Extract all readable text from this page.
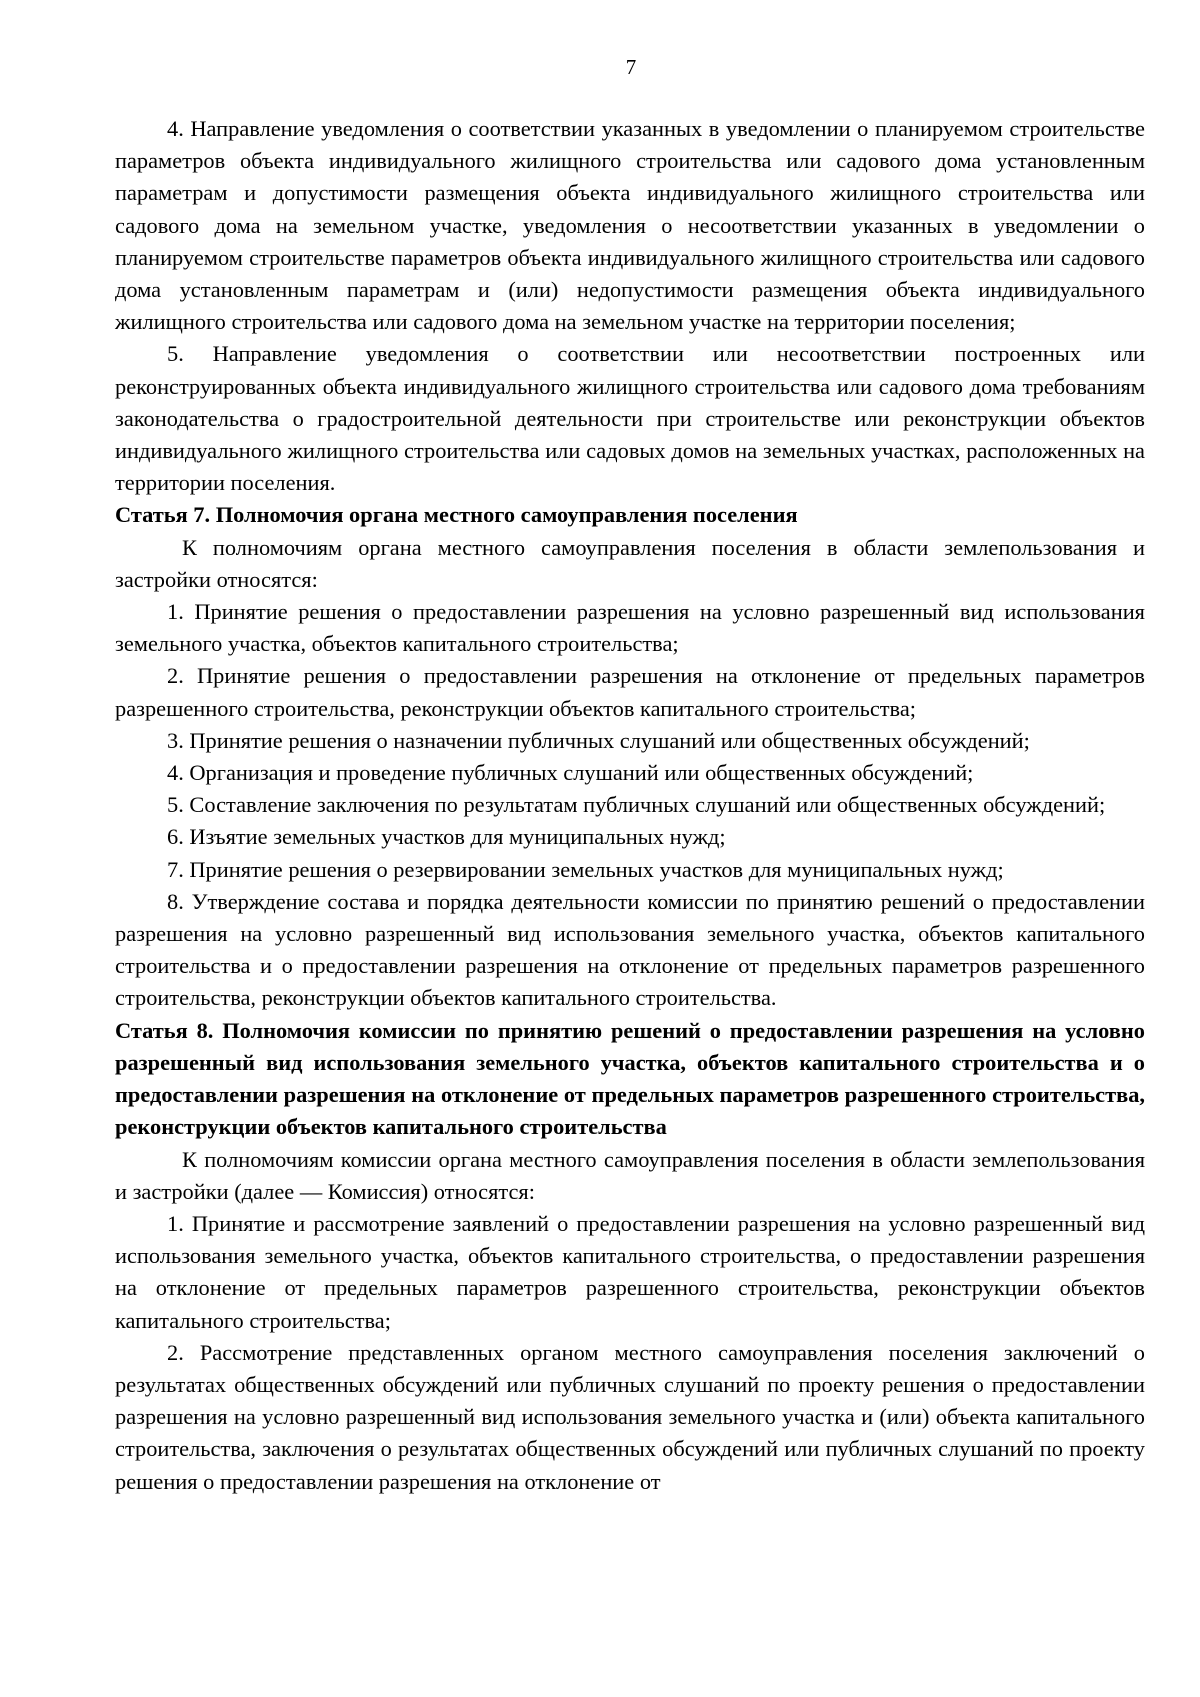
7

4. Направление уведомления о соответствии указанных в уведомлении о планируемом строительстве параметров объекта индивидуального жилищного строительства или садового дома установленным параметрам и допустимости размещения объекта индивидуального жилищного строительства или садового дома на земельном участке, уведомления о несоответствии указанных в уведомлении о планируемом строительстве параметров объекта индивидуального жилищного строительства или садового дома установленным параметрам и (или) недопустимости размещения объекта индивидуального жилищного строительства или садового дома на земельном участке на территории поселения;

5. Направление уведомления о соответствии или несоответствии построенных или реконструированных объекта индивидуального жилищного строительства или садового дома требованиям законодательства о градостроительной деятельности при строительстве или реконструкции объектов индивидуального жилищного строительства или садовых домов на земельных участках, расположенных на территории поселения.

Статья 7. Полномочия органа местного самоуправления поселения

К полномочиям органа местного самоуправления поселения в области землепользования и застройки относятся:

1. Принятие решения о предоставлении разрешения на условно разрешенный вид использования земельного участка, объектов капитального строительства;

2. Принятие решения о предоставлении разрешения на отклонение от предельных параметров разрешенного строительства, реконструкции объектов капитального строительства;

3. Принятие решения о назначении публичных слушаний или общественных обсуждений;

4. Организация и проведение публичных слушаний или общественных обсуждений;

5. Составление заключения по результатам публичных слушаний или общественных обсуждений;

6. Изъятие земельных участков для муниципальных нужд;

7. Принятие решения о резервировании земельных участков для муниципальных нужд;

8. Утверждение состава и порядка деятельности комиссии по принятию решений о предоставлении разрешения на условно разрешенный вид использования земельного участка, объектов капитального строительства и о предоставлении разрешения на отклонение от предельных параметров разрешенного строительства, реконструкции объектов капитального строительства.

Статья 8. Полномочия комиссии по принятию решений о предоставлении разрешения на условно разрешенный вид использования земельного участка, объектов капитального строительства и о предоставлении разрешения на отклонение от предельных параметров разрешенного строительства, реконструкции объектов капитального строительства

К полномочиям комиссии органа местного самоуправления поселения в области землепользования и застройки (далее — Комиссия) относятся:

1. Принятие и рассмотрение заявлений о предоставлении разрешения на условно разрешенный вид использования земельного участка, объектов капитального строительства, о предоставлении разрешения на отклонение от предельных параметров разрешенного строительства, реконструкции объектов капитального строительства;

2. Рассмотрение представленных органом местного самоуправления поселения заключений о результатах общественных обсуждений или публичных слушаний по проекту решения о предоставлении разрешения на условно разрешенный вид использования земельного участка и (или) объекта капитального строительства, заключения о результатах общественных обсуждений или публичных слушаний по проекту решения о предоставлении разрешения на отклонение от
